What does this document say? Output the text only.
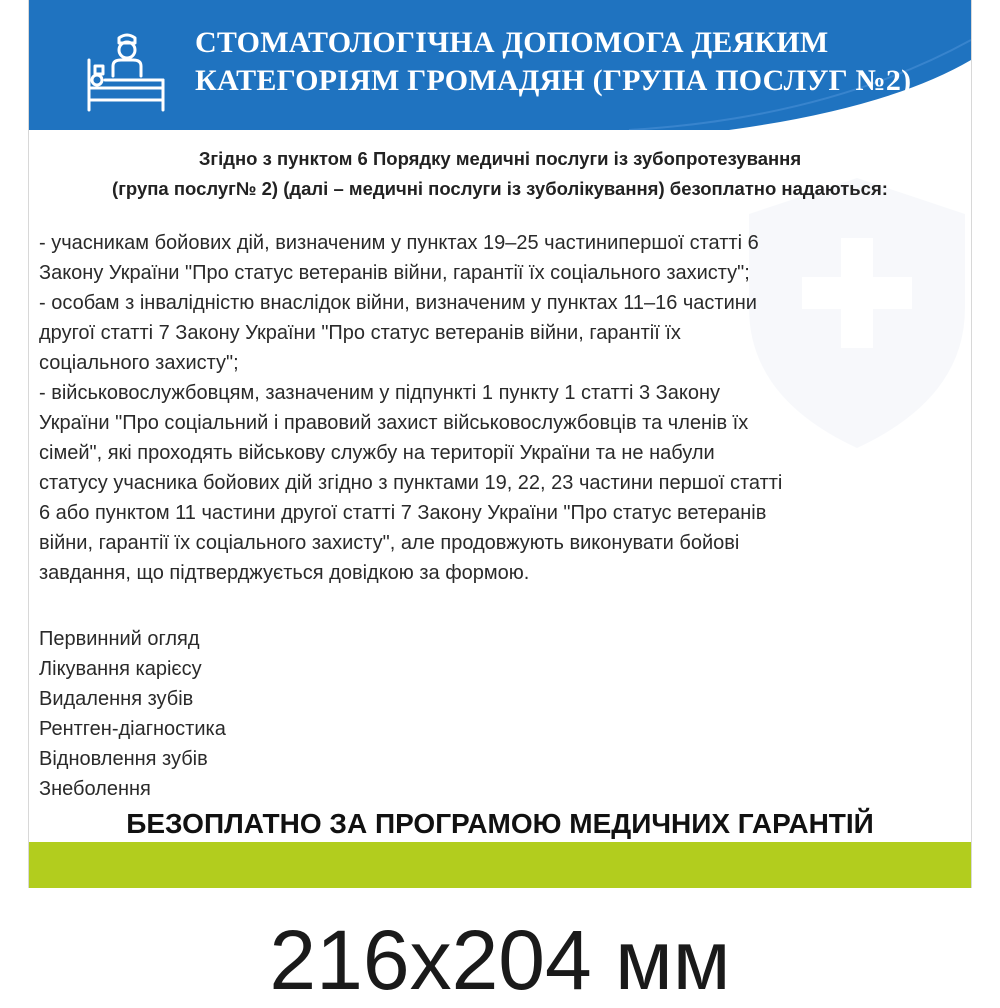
СТОМАТОЛОГІЧНА ДОПОМОГА ДЕЯКИМ
КАТЕГОРІЯМ ГРОМАДЯН (ГРУПА ПОСЛУГ №2)
Згідно з пунктом 6 Порядку медичні послуги із зубопротезування
(група послуг№ 2) (далі – медичні послуги із зуболікування) безоплатно надаються:
- учасникам бойових дій, визначеним у пунктах 19–25 частинипершої статті 6
Закону України "Про статус ветеранів війни, гарантії їх соціального захисту";
- особам з інвалідністю внаслідок війни, визначеним у пунктах 11–16 частини
другої статті 7 Закону України "Про статус ветеранів війни, гарантії їх
соціального захисту";
- військовослужбовцям, зазначеним у підпункті 1 пункту 1 статті 3 Закону
України "Про соціальний і правовий захист військовослужбовців та членів їх
сімей", які проходять військову службу на території України та не набули
статусу учасника бойових дій згідно з пунктами 19, 22, 23 частини першої статті
6 або пунктом 11 частини другої статті 7 Закону України "Про статус ветеранів
війни, гарантії їх соціального захисту", але продовжують виконувати бойові
завдання, що підтверджується довідкою за формою.
Первинний огляд
Лікування карієсу
Видалення зубів
Рентген-діагностика
Відновлення зубів
Знеболення
БЕЗОПЛАТНО ЗА ПРОГРАМОЮ МЕДИЧНИХ ГАРАНТІЙ
216x204 мм
